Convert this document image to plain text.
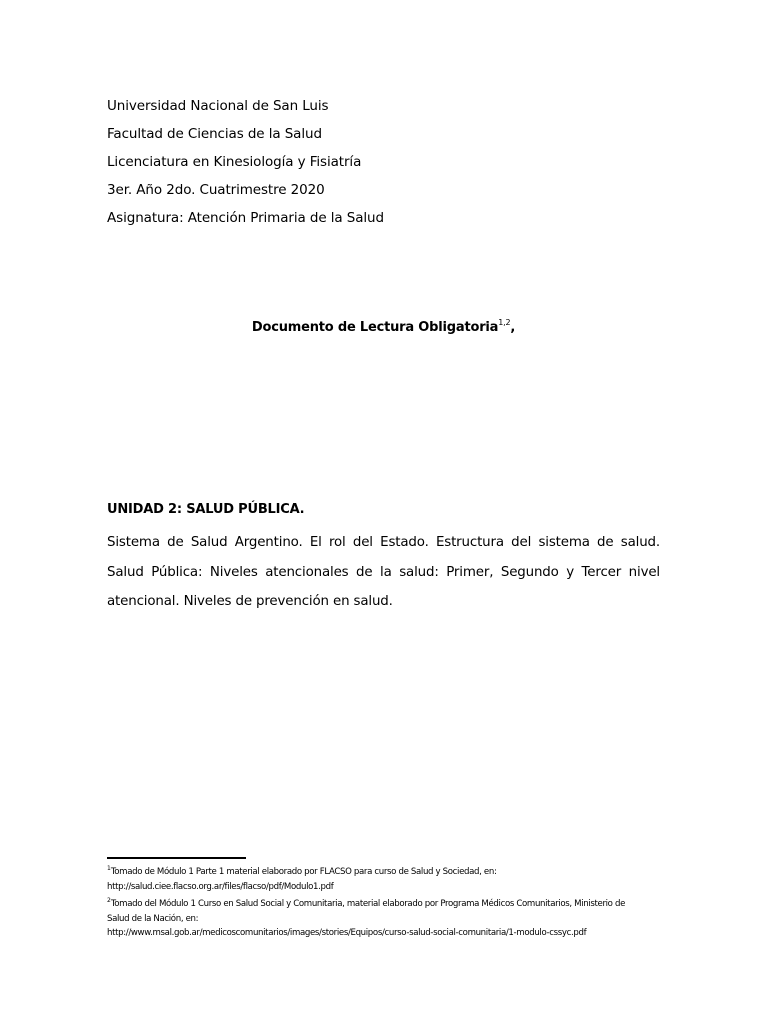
Universidad Nacional de San Luis
Facultad de Ciencias de la Salud
Licenciatura en Kinesiología y Fisiatría
3er. Año 2do. Cuatrimestre 2020
Asignatura: Atención Primaria de la Salud
Documento de Lectura Obligatoria$^{1,2}$,
UNIDAD 2: SALUD PÚBLICA.
Sistema de Salud Argentino. El rol del Estado. Estructura del sistema de salud. Salud Pública: Niveles atencionales de la salud: Primer, Segundo y Tercer nivel atencional. Niveles de prevención en salud.
$^1$Tomado de Módulo 1 Parte 1 material elaborado por FLACSO para curso de Salud y Sociedad, en:
http://salud.ciee.flacso.org.ar/files/flacso/pdf/Modulo1.pdf
$^2$Tomado del Módulo 1 Curso en Salud Social y Comunitaria, material elaborado por Programa Médicos Comunitarios, Ministerio de Salud de la Nación, en:
http://www.msal.gob.ar/medicoscomunitarios/images/stories/Equipos/curso-salud-social-comunitaria/1-modulo-cssyc.pdf
